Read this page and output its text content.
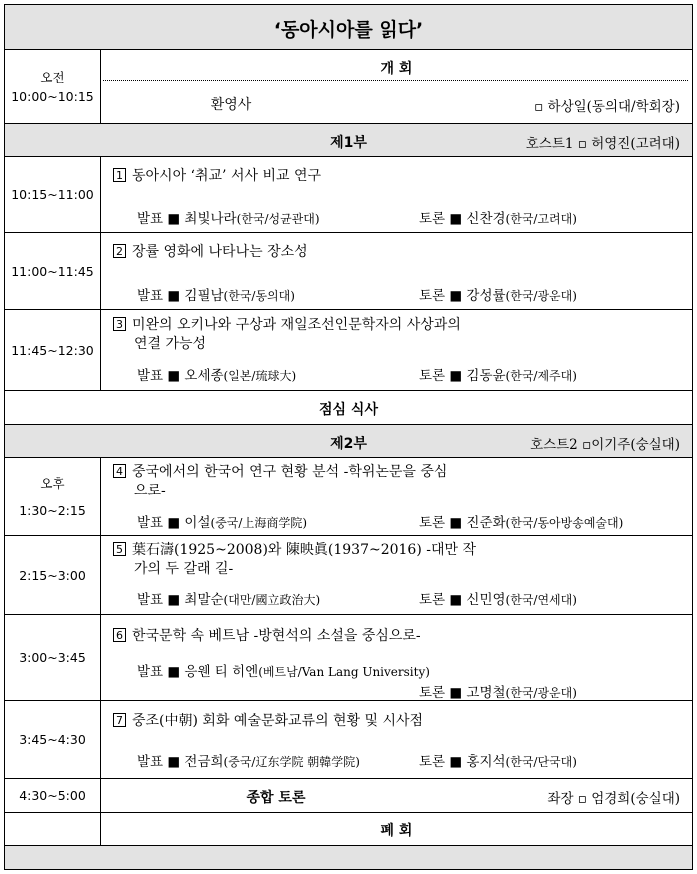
‘동아시아를 읽다’
오전
10:00~10:15
개 회
환영사	▫ 하상일(동의대/학회장)
제1부	호스트1 ▫ 허영진(고려대)
10:15~11:00
1 동아시아 ‘취교’ 서사 비교 연구
발표 ■ 최빛나라(한국/성균관대)	토론 ■ 신찬경(한국/고려대)
11:00~11:45
2 장률 영화에 나타나는 장소성
발표 ■ 김필남(한국/동의대)	토론 ■ 강성률(한국/광운대)
11:45~12:30
3 미완의 오키나와 구상과 재일조선인문학자의 사상과의
연결 가능성
발표 ■ 오세종(일본/琉球大)	토론 ■ 김동윤(한국/제주대)
점심 식사
제2부	호스트2 ▫이기주(숭실대)
오후
1:30~2:15
4 중국에서의 한국어 연구 현황 분석 -학위논문을 중심
으로-
발표 ■ 이설(중국/上海商学院)	토론 ■ 진준화(한국/동아방송예술대)
2:15~3:00
5 葉石濤(1925~2008)와 陳映眞(1937~2016) -대만 작
가의 두 갈래 길-
발표 ■ 최말순(대만/國立政治大)	토론 ■ 신민영(한국/연세대)
3:00~3:45
6 한국문학 속 베트남 -방현석의 소설을 중심으로-
발표 ■ 응웬 티 히엔(베트남/Van Lang University)
토론 ■ 고명철(한국/광운대)
3:45~4:30
7 중조(中朝) 회화 예술문화교류의 현황 및 시사점
발표 ■ 전금희(중국/辽东学院 朝韓学院)	토론 ■ 홍지석(한국/단국대)
4:30~5:00	종합 토론	좌장 ▫ 엄경희(숭실대)
폐 회
